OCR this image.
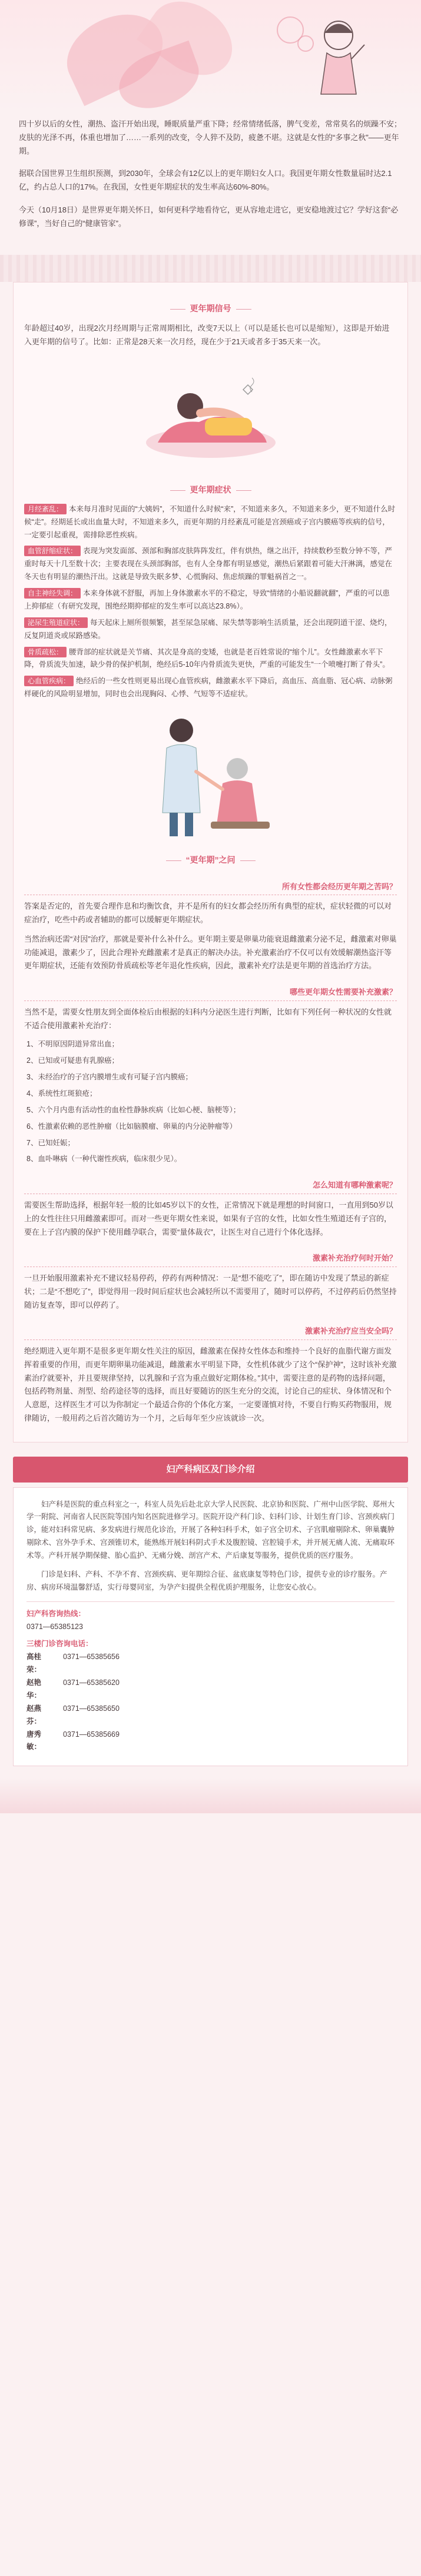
四十岁以后的女性，潮热、盗汗开始出现，睡眠质量严重下降；经常情绪低落，脾气变差，常常莫名的烦躁不安；皮肤的光泽不再，体重也增加了……一系列的改变，令人猝不及防，疲惫不堪。这就是女性的“多事之秋”——更年期。

据联合国世界卫生组织预测，到2030年，全球会有12亿以上的更年期妇女人口。我国更年期女性数量届时达2.1亿，约占总人口的17%。在我国，女性更年期症状的发生率高达60%-80%。

今天（10月18日）是世界更年期关怀日，如何更科学地看待它，更从容地走进它，更安稳地渡过它？学好这套“必修课”，当好自己的“健康管家”。

更年期信号

年龄超过40岁，出现2次月经周期与正常周期相比，改变7天以上（可以是延长也可以是缩短），这即是开始进入更年期的信号了。比如：正常是28天来一次月经，现在少于21天或者多于35天来一次。

更年期症状

月经紊乱： 本来每月准时见面的“大姨妈”，不知道什么时候“来”，不知道来多久，不知道来多少，更不知道什么时候“走”。经期延长或出血量大时，不知道来多久，而更年期的月经紊乱可能是宫颈癌或子宫内膜癌等疾病的信号，一定要引起重视，需排除恶性疾病。

血管舒缩症状： 表现为突发面部、颈部和胸部皮肤阵阵发红，伴有烘热，继之出汗，持续数秒至数分钟不等，严重时每天十几至数十次；主要表现在头颈部胸部，也有人全身都有明显感觉，潮热后紧跟着可能大汗淋漓，感觉在冬天也有明显的潮热汗出。这就是导致失眠多梦、心慌胸闷、焦虑烦躁的罪魁祸首之一。

自主神经失调： 本来身体就不舒服，再加上身体激素水平的不稳定，导致“情绪的小船说翻就翻”，严重的可以患上抑郁症（有研究发现，围绝经期抑郁症的发生率可以高达23.8%）。

泌尿生殖道症状： 每天起床上厕所很频繁，甚至尿急尿痛、尿失禁等影响生活质量，还会出现阴道干涩、烧灼，反复阴道炎或尿路感染。

骨质疏松： 腰背部的症状就是关节痛、其次是身高的变矮，也就是老百姓常说的“缩个儿”。女性雌激素水平下降，骨质流失加速，缺少骨的保护机制，绝经后5-10年内骨质流失更快，严重的可能发生“一个喷嚏打断了骨头”。

心血管疾病： 绝经后的一些女性则更易出现心血管疾病，雌激素水平下降后，高血压、高血脂、冠心病、动脉粥样硬化的风险明显增加，同时也会出现胸闷、心悸、气短等不适症状。

“更年期”之问
所有女性都会经历更年期之苦吗？

答案是否定的，首先要合理作息和均衡饮食，并不是所有的妇女都会经历所有典型的症状，症状轻微的可以对症治疗，吃些中药或者辅助的都可以缓解更年期症状。

当然治病还需“对因”治疗，那就是要补什么补什么。更年期主要是卵巢功能衰退雌激素分泌不足，雌激素对卵巢功能减退，激素少了，因此合理补充雌激素才是真正的解决办法。补充激素治疗不仅可以有效缓解潮热盗汗等更年期症状，还能有效预防骨质疏松等老年退化性疾病，因此，激素补充疗法是更年期的首选治疗方法。

哪些更年期女性需要补充激素？

当然不是，需要女性朋友到全面体检后由根据的妇科内分泌医生进行判断，比如有下列任何一种状况的女性就不适合使用激素补充治疗：

1、不明原因阴道异常出血；
2、已知或可疑患有乳腺癌；
3、未经治疗的子宫内膜增生或有可疑子宫内膜癌；
4、系统性红斑狼疮；
5、六个月内患有活动性的血栓性静脉疾病（比如心梗、脑梗等）；
6、性激素依赖的恶性肿瘤（比如脑膜瘤、卵巢的内分泌肿瘤等）
7、已知妊娠；
8、血卟啉病（一种代谢性疾病，临床很少见）。
怎么知道有哪种激素呢？

需要医生帮助选择，根据年轻一般的比如45岁以下的女性，正常情况下就是理想的时间窗口，一直用到50岁以上的女性往往只用雌激素即可。而对一些更年期女性来说，如果有子宫的女性，比如女性生殖道还有子宫的，要在上子宫内膜的保护下使用雌孕联合，需要“量体裁衣”，让医生对自己进行个体化选择。

激素补充治疗何时开始？

一旦开始服用激素补充不建议轻易停药，停药有两种情况：一是“想不能吃了”，即在随访中发现了禁忌的新症状；二是“不想吃了”，即觉得用一段时间后症状也会减轻所以不需要用了，随时可以停药，不过停药后仍然坚持随访复查等，即可以停药了。

激素补充治疗应当安全吗？

绝经期进入更年期不是很多更年期女性关注的原因，雌激素在保持女性体态和维持一个良好的血脂代谢方面发挥着重要的作用，而更年期卵巢功能减退，雌激素水平明显下降，女性机体就少了这个“保护神”，这时该补充激素治疗就要补，并且要规律坚持，以乳腺和子宫为重点做好定期体检。”其中，需要注意的是药物的选择问题，包括药物剂量、剂型、给药途径等的选择，而且好要随访的医生充分的交流，讨论自己的症状、身体情况和个人意愿，这样医生才可以为你制定一个最适合你的个体化方案，一定要谨慎对待，不要自行购买药物服用，规律随访，一般用药之后首次随访为一个月，之后每年至少应该就诊一次。

妇产科病区及门诊介绍

妇产科是医院的重点科室之一，科室人员先后赴北京大学人民医院、北京协和医院、广州中山医学院、郑州大学一附院、河南省人民医院等国内知名医院进修学习。医院开设产科门诊、妇科门诊、计划生育门诊、宫颈疾病门诊，能对妇科常见病、多发病进行规范化诊治，开展了各种妇科手术，如子宫全切术、子宫肌瘤剔除术、卵巢囊肿剔除术、宫外孕手术、宫颈锥切术，能熟练开展妇科阴式手术及腹腔镜、宫腔镜手术，并开展无痛人流、无痛取环术等。产科开展孕期保健、胎心监护、无痛分娩、剖宫产术、产后康复等服务，提供优质的医疗服务。

门诊是妇科、产科、不孕不育、宫颈疾病、更年期综合征、盆底康复等特色门诊，提供专业的诊疗服务。产房、病房环境温馨舒适，实行母婴同室，为孕产妇提供全程优质护理服务，让您安心放心。

妇产科咨询热线：
0371—65385123
三楼门诊咨询电话：
高桂荣：
0371—65385656
赵艳华：
0371—65385620
赵燕芬：
0371—65385650
唐秀敏：
0371—65385669
